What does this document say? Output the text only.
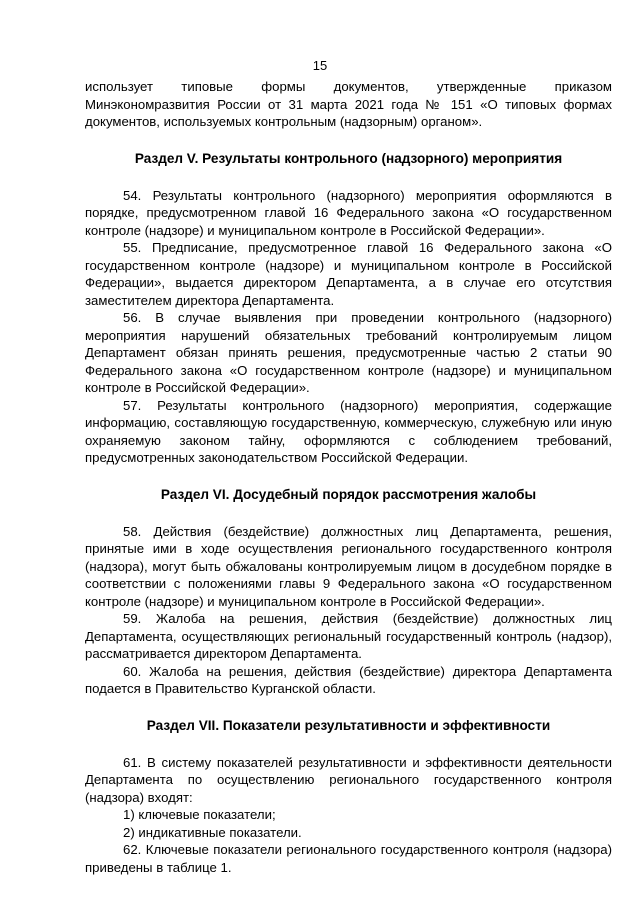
15

использует типовые формы документов, утвержденные приказом Минэкономразвития России от 31 марта 2021 года № 151 «О типовых формах документов, используемых контрольным (надзорным) органом».

Раздел V. Результаты контрольного (надзорного) мероприятия

54. Результаты контрольного (надзорного) мероприятия оформляются в порядке, предусмотренном главой 16 Федерального закона «О государственном контроле (надзоре) и муниципальном контроле в Российской Федерации».

55. Предписание, предусмотренное главой 16 Федерального закона «О государственном контроле (надзоре) и муниципальном контроле в Российской Федерации», выдается директором Департамента, а в случае его отсутствия заместителем директора Департамента.

56. В случае выявления при проведении контрольного (надзорного) мероприятия нарушений обязательных требований контролируемым лицом Департамент обязан принять решения, предусмотренные частью 2 статьи 90 Федерального закона «О государственном контроле (надзоре) и муниципальном контроле в Российской Федерации».

57. Результаты контрольного (надзорного) мероприятия, содержащие информацию, составляющую государственную, коммерческую, служебную или иную охраняемую законом тайну, оформляются с соблюдением требований, предусмотренных законодательством Российской Федерации.

Раздел VI. Досудебный порядок рассмотрения жалобы

58. Действия (бездействие) должностных лиц Департамента, решения, принятые ими в ходе осуществления регионального государственного контроля (надзора), могут быть обжалованы контролируемым лицом в досудебном порядке в соответствии с положениями главы 9 Федерального закона «О государственном контроле (надзоре) и муниципальном контроле в Российской Федерации».

59. Жалоба на решения, действия (бездействие) должностных лиц Департамента, осуществляющих региональный государственный контроль (надзор), рассматривается директором Департамента.

60. Жалоба на решения, действия (бездействие) директора Департамента подается в Правительство Курганской области.

Раздел VII. Показатели результативности и эффективности

61. В систему показателей результативности и эффективности деятельности Департамента по осуществлению регионального государственного контроля (надзора) входят:

1) ключевые показатели;

2) индикативные показатели.

62. Ключевые показатели регионального государственного контроля (надзора) приведены в таблице 1.
